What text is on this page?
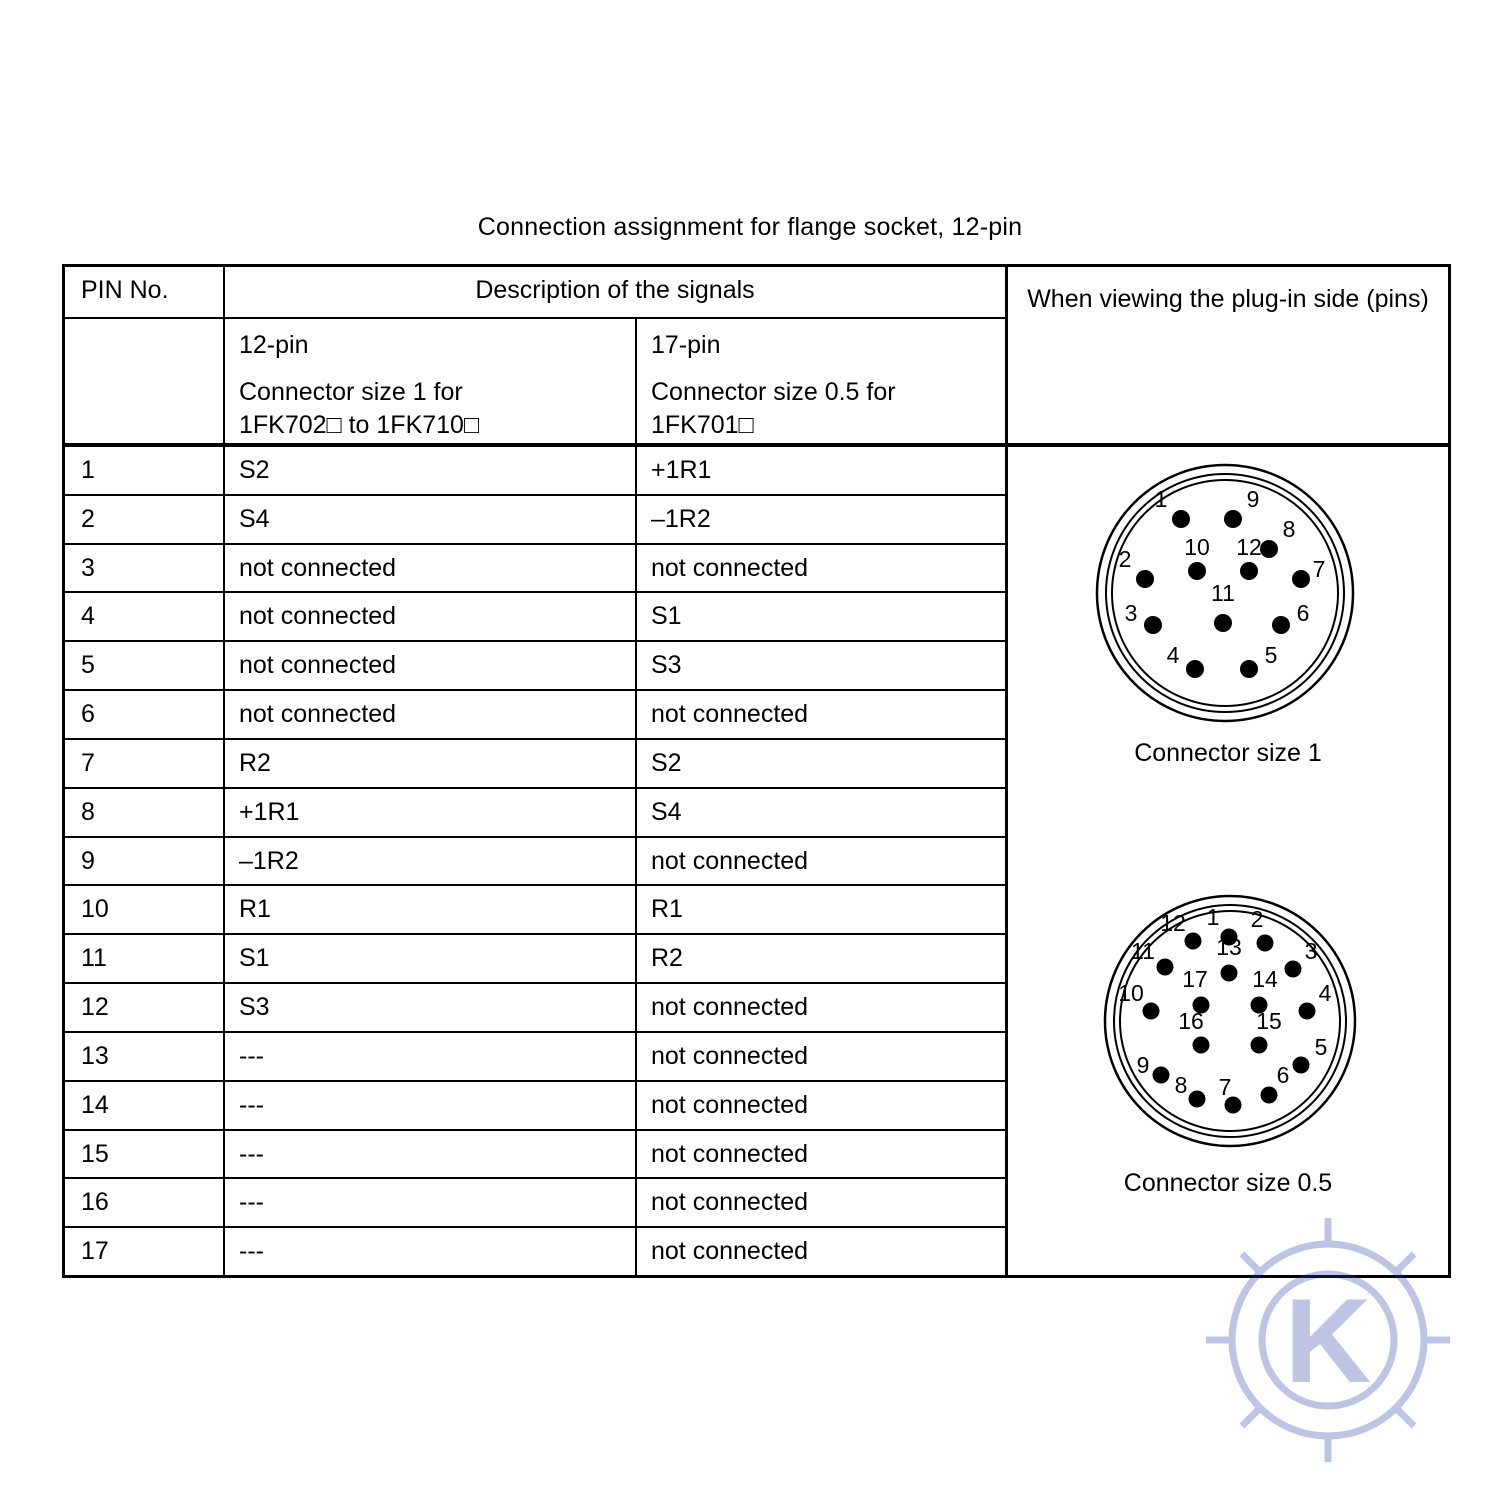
Connection assignment for flange socket, 12-pin
PIN No.	Description of the signals
12-pin
Connector size 1 for
1FK702□ to 1FK710□
17-pin
Connector size 0.5 for
1FK701□
1	S2	+1R1
2	S4	–1R2
3	not connected	not connected
4	not connected	S1
5	not connected	S3
6	not connected	not connected
7	R2	S2
8	+1R1	S4
9	–1R2	not connected
10	R1	R1
11	S1	R2
12	S3	not connected
13	---	not connected
14	---	not connected
15	---	not connected
16	---	not connected
17	---	not connected
When viewing the plug-in side (pins)
1	9
8
2 10 12
7
11
3	6
4	5
Connector size 1
12 1 2
11	13	3
17 14
10	4
16 15
9
5
8 7 6
Connector size 0.5
K
